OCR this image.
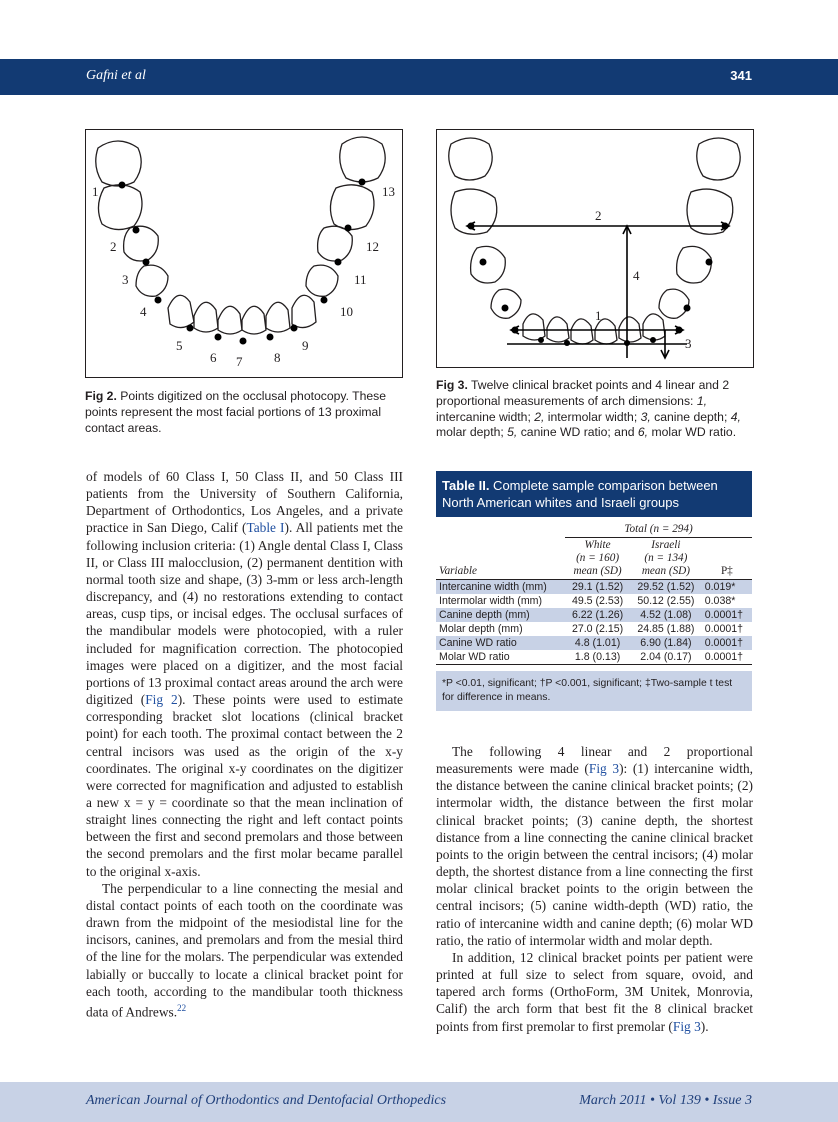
Gafni et al	341
1
2
3
4
5
6 7 8
9
10
11
12
13
Fig 2. Points digitized on the occlusal photocopy. These points represent the most facial portions of 13 proximal contact areas.
1
2
3
4
Fig 3. Twelve clinical bracket points and 4 linear and 2 proportional measurements of arch dimensions: 1, intercanine width; 2, intermolar width; 3, canine depth; 4, molar depth; 5, canine WD ratio; and 6, molar WD ratio.

of models of 60 Class I, 50 Class II, and 50 Class III patients from the University of Southern California, Department of Orthodontics, Los Angeles, and a private practice in San Diego, Calif (Table I). All patients met the following inclusion criteria: (1) Angle dental Class I, Class II, or Class III malocclusion, (2) permanent dentition with normal tooth size and shape, (3) 3-mm or less arch-length discrepancy, and (4) no restorations extending to contact areas, cusp tips, or incisal edges. The occlusal surfaces of the mandibular models were photocopied, with a ruler included for magnification correction. The photocopied images were placed on a digitizer, and the most facial portions of 13 proximal contact areas around the arch were digitized (Fig 2). These points were used to estimate corresponding bracket slot locations (clinical bracket point) for each tooth. The proximal contact between the 2 central incisors was used as the origin of the x-y coordinates. The original x-y coordinates on the digitizer were corrected for magnification and adjusted to establish a new x = y = coordinate so that the mean inclination of straight lines connecting the right and left contact points between the first and second premolars and those between the second premolars and the first molar became parallel to the original x-axis.

The perpendicular to a line connecting the mesial and distal contact points of each tooth on the coordinate was drawn from the midpoint of the mesiodistal line for the incisors, canines, and premolars and from the mesial third of the line for the molars. The perpendicular was extended labially or buccally to locate a clinical bracket point for each tooth, according to the mandibular tooth thickness data of Andrews.$^{22}$

Table II. Complete sample comparison between North American whites and Israeli groups
	Total (n = 294)		
Variable	White
(n = 160)
mean (SD)	Israeli
(n = 134)
mean (SD)	P‡
Intercanine width (mm)	29.1 (1.52)	29.52 (1.52)	0.019*
Intermolar width (mm)	49.5 (2.53)	50.12 (2.55)	0.038*
Canine depth (mm)	6.22 (1.26)	4.52 (1.08)	0.0001†
Molar depth (mm)	27.0 (2.15)	24.85 (1.88)	0.0001†
Canine WD ratio	4.8 (1.01)	6.90 (1.84)	0.0001†
Molar WD ratio	1.8 (0.13)	2.04 (0.17)	0.0001†
*P <0.01, significant; †P <0.001, significant; ‡Two-sample t test for difference in means.

The following 4 linear and 2 proportional measurements were made (Fig 3): (1) intercanine width, the distance between the canine clinical bracket points; (2) intermolar width, the distance between the first molar clinical bracket points; (3) canine depth, the shortest distance from a line connecting the canine clinical bracket points to the origin between the central incisors; (4) molar depth, the shortest distance from a line connecting the first molar clinical bracket points to the origin between the central incisors; (5) canine width-depth (WD) ratio, the ratio of intercanine width and canine depth; (6) molar WD ratio, the ratio of intermolar width and molar depth.

In addition, 12 clinical bracket points per patient were printed at full size to select from square, ovoid, and tapered arch forms (OrthoForm, 3M Unitek, Monrovia, Calif) the arch form that best fit the 8 clinical bracket points from first premolar to first premolar (Fig 3).

American Journal of Orthodontics and Dentofacial Orthopedics	March 2011 • Vol 139 • Issue 3
